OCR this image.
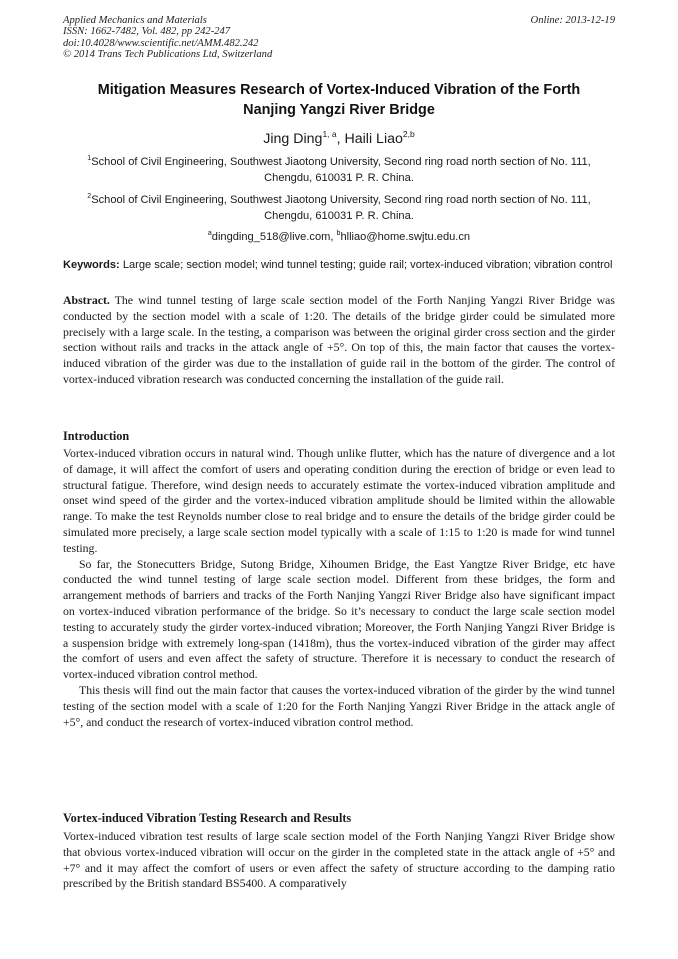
Applied Mechanics and Materials
ISSN: 1662-7482, Vol. 482, pp 242-247
doi:10.4028/www.scientific.net/AMM.482.242
© 2014 Trans Tech Publications Ltd, Switzerland
Online: 2013-12-19
Mitigation Measures Research of Vortex-Induced Vibration of the Forth
Nanjing Yangzi River Bridge
Jing Ding$^{1, a}$, Haili Liao$^{2,b}$
$^1$School of Civil Engineering, Southwest Jiaotong University, Second ring road north section of No. 111, Chengdu, 610031 P. R. China.
$^2$School of Civil Engineering, Southwest Jiaotong University, Second ring road north section of No. 111, Chengdu, 610031 P. R. China.
$^a$dingding_518@live.com, $^b$hlliao@home.swjtu.edu.cn
Keywords: Large scale; section model; wind tunnel testing; guide rail; vortex-induced vibration; vibration control

Abstract. The wind tunnel testing of large scale section model of the Forth Nanjing Yangzi River Bridge was conducted by the section model with a scale of 1:20. The details of the bridge girder could be simulated more precisely with a large scale. In the testing, a comparison was between the original girder cross section and the girder section without rails and tracks in the attack angle of +5°. On top of this, the main factor that causes the vortex-induced vibration of the girder was due to the installation of guide rail in the bottom of the girder. The control of vortex-induced vibration research was conducted concerning the installation of the guide rail.

Introduction

Vortex-induced vibration occurs in natural wind. Though unlike flutter, which has the nature of divergence and a lot of damage, it will affect the comfort of users and operating condition during the erection of bridge or even lead to structural fatigue. Therefore, wind design needs to accurately estimate the vortex-induced vibration amplitude and onset wind speed of the girder and the vortex-induced vibration amplitude should be limited within the allowable range. To make the test Reynolds number close to real bridge and to ensure the details of the bridge girder could be simulated more precisely, a large scale section model typically with a scale of 1:15 to 1:20 is made for wind tunnel testing.

So far, the Stonecutters Bridge, Sutong Bridge, Xihoumen Bridge, the East Yangtze River Bridge, etc have conducted the wind tunnel testing of large scale section model. Different from these bridges, the form and arrangement methods of barriers and tracks of the Forth Nanjing Yangzi River Bridge also have significant impact on vortex-induced vibration performance of the bridge. So it’s necessary to conduct the large scale section model testing to accurately study the girder vortex-induced vibration; Moreover, the Forth Nanjing Yangzi River Bridge is a suspension bridge with extremely long-span (1418m), thus the vortex-induced vibration of the girder may affect the comfort of users and even affect the safety of structure. Therefore it is necessary to conduct the research of vortex-induced vibration control method.

This thesis will find out the main factor that causes the vortex-induced vibration of the girder by the wind tunnel testing of the section model with a scale of 1:20 for the Forth Nanjing Yangzi River Bridge in the attack angle of +5°, and conduct the research of vortex-induced vibration control method.

Vortex-induced Vibration Testing Research and Results

Vortex-induced vibration test results of large scale section model of the Forth Nanjing Yangzi River Bridge show that obvious vortex-induced vibration will occur on the girder in the completed state in the attack angle of +5° and +7° and it may affect the comfort of users or even affect the safety of structure according to the damping ratio prescribed by the British standard BS5400. A comparatively
